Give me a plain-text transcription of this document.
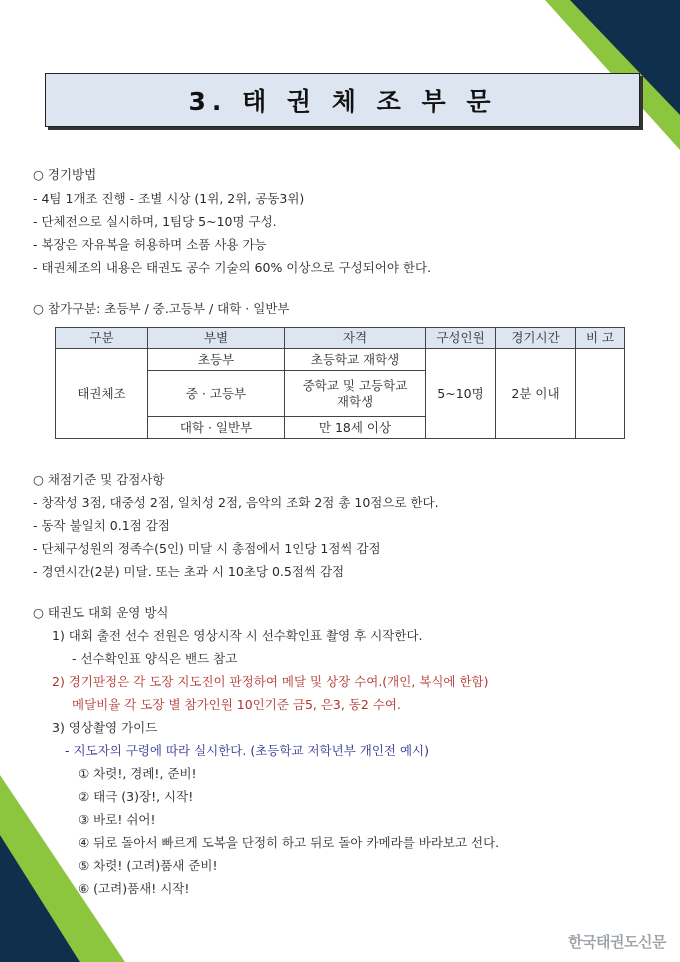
3. 태 권 체 조 부 문
○ 경기방법
- 4팀 1개조 진행 - 조별 시상 (1위, 2위, 공동3위)
- 단체전으로 실시하며, 1팀당 5~10명 구성.
- 복장은 자유복을 허용하며 소품 사용 가능
- 태권체조의 내용은 태권도 공수 기술의 60% 이상으로 구성되어야 한다.
○ 참가구분: 초등부 / 중.고등부 / 대학 · 일반부
구분	부별	자격	구성인원	경기시간	비 고
태권체조	초등부	초등학교 재학생	5~10명	2분 이내	
	중 · 고등부	중학교 및 고등학교
재학생			

	대학 · 일반부	만 18세 이상			
○ 채점기준 및 감점사항
- 창작성 3점, 대중성 2점, 일치성 2점, 음악의 조화 2점 총 10점으로 한다.
- 동작 불일치 0.1점 감점
- 단체구성원의 정족수(5인) 미달 시 총점에서 1인당 1점씩 감점
- 경연시간(2분) 미달. 또는 초과 시 10초당 0.5점씩 감점
○ 태권도 대회 운영 방식
1) 대회 출전 선수 전원은 영상시작 시 선수확인표 촬영 후 시작한다.
- 선수확인표 양식은 밴드 참고
2) 경기판정은 각 도장 지도진이 판정하여 메달 및 상장 수여.(개인, 복식에 한함)
메달비율 각 도장 별 참가인원 10인기준 금5, 은3, 동2 수여.
3) 영상촬영 가이드
- 지도자의 구령에 따라 실시한다. (초등학교 저학년부 개인전 예시)
① 차렷!, 경례!, 준비!
② 태극 (3)장!, 시작!
③ 바로! 쉬어!
④ 뒤로 돌아서 빠르게 도복을 단정히 하고 뒤로 돌아 카메라를 바라보고 선다.
⑤ 차렷! (고려)품새 준비!
⑥ (고려)품새! 시작!
한국태권도신문
